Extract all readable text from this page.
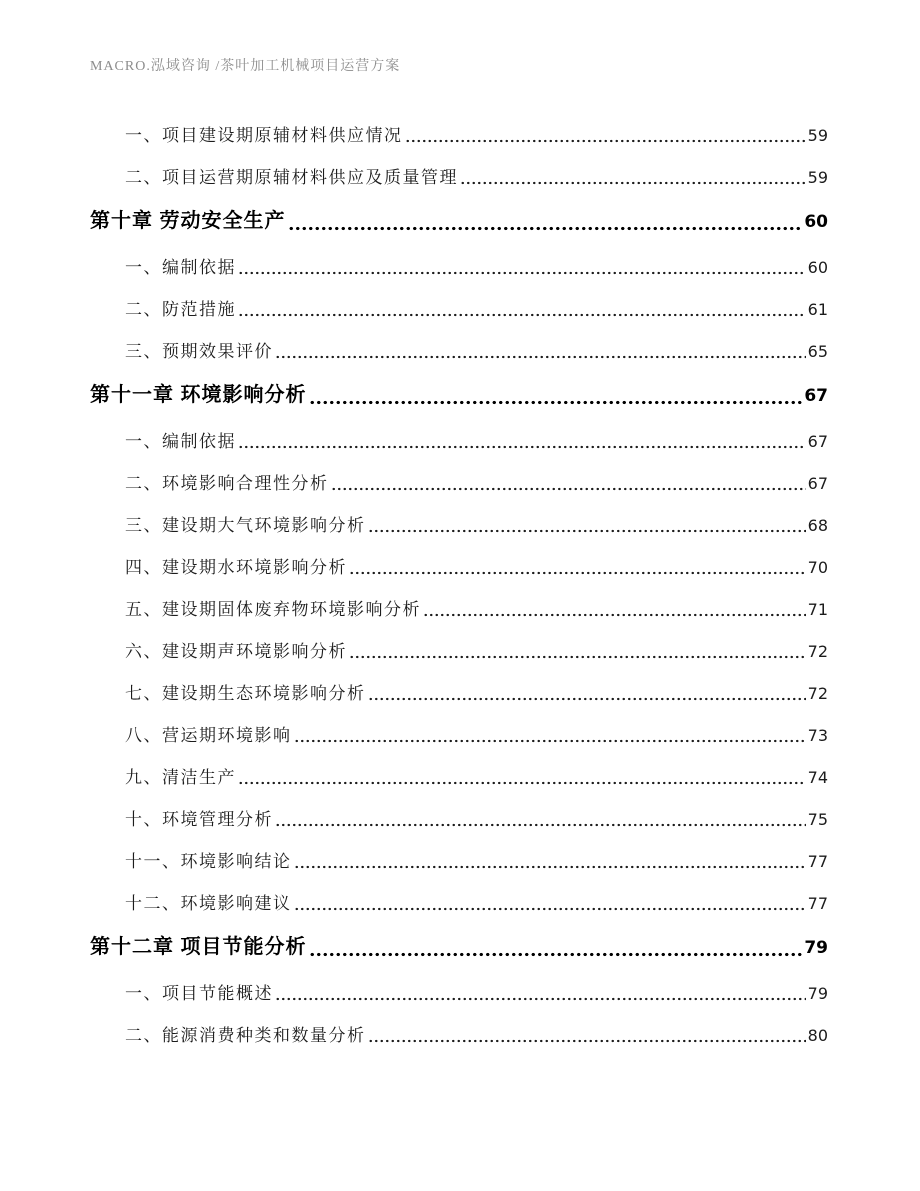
MACRO.泓域咨询 /茶叶加工机械项目运营方案
一、项目建设期原辅材料供应情况	59
二、项目运营期原辅材料供应及质量管理	59
第十章 劳动安全生产	60
一、编制依据	60
二、防范措施	61
三、预期效果评价	65
第十一章 环境影响分析	67
一、编制依据	67
二、环境影响合理性分析	67
三、建设期大气环境影响分析	68
四、建设期水环境影响分析	70
五、建设期固体废弃物环境影响分析	71
六、建设期声环境影响分析	72
七、建设期生态环境影响分析	72
八、营运期环境影响	73
九、清洁生产	74
十、环境管理分析	75
十一、环境影响结论	77
十二、环境影响建议	77
第十二章 项目节能分析	79
一、项目节能概述	79
二、能源消费种类和数量分析	80
